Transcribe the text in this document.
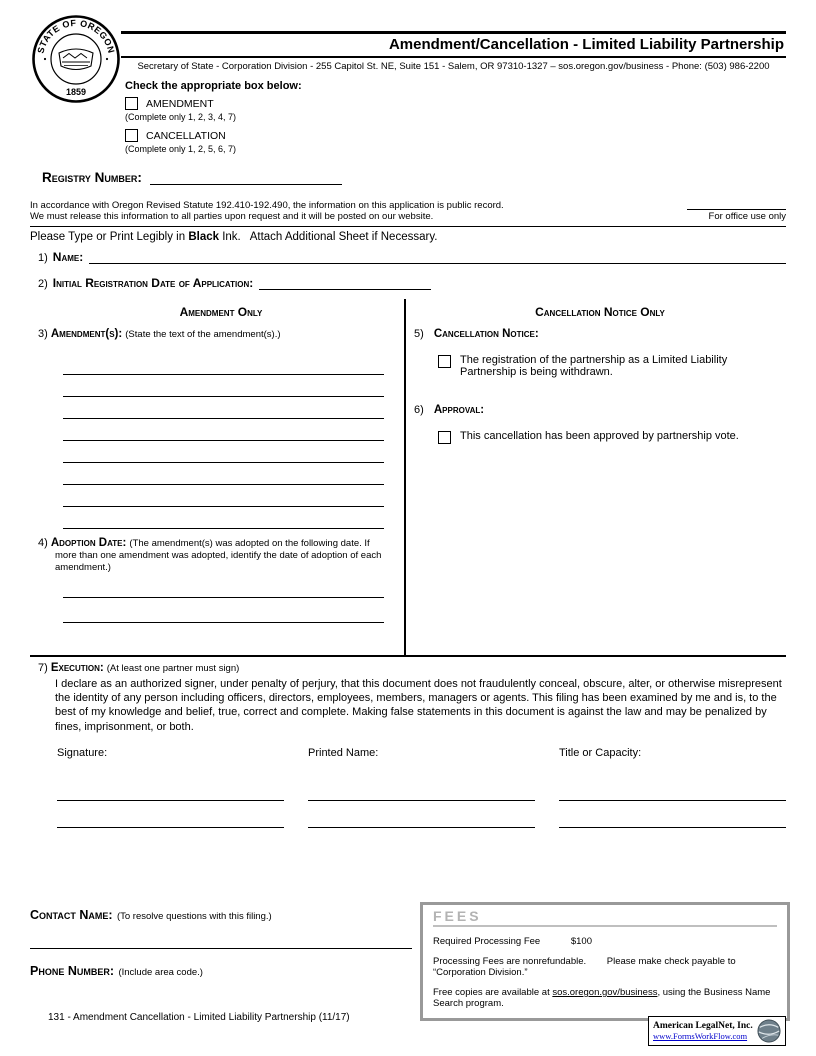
STATE OF OREGON
1859
Amendment/Cancellation - Limited Liability Partnership
Secretary of State - Corporation Division - 255 Capitol St. NE, Suite 151 - Salem, OR 97310-1327 – sos.oregon.gov/business - Phone: (503) 986-2200
Check the appropriate box below:
AMENDMENT
(Complete only 1, 2, 3, 4, 7)
CANCELLATION
(Complete only 1, 2, 5, 6, 7)
Registry Number:
In accordance with Oregon Revised Statute 192.410-192.490, the information on this application is public record.
We must release this information to all parties upon request and it will be posted on our website.	For office use only
Please Type or Print Legibly in Black Ink.   Attach Additional Sheet if Necessary.
1) Name:
2) Initial Registration Date of Application:
Amendment Only
3) Amendment(s): (State the text of the amendment(s).)
4) Adoption Date: (The amendment(s) was adopted on the following date. If more than one amendment was adopted, identify the date of adoption of each amendment.)
Cancellation Notice Only
5) Cancellation Notice:
The registration of the partnership as a Limited Liability Partnership is being withdrawn.
6) Approval:
This cancellation has been approved by partnership vote.
7) Execution: (At least one partner must sign)
I declare as an authorized signer, under penalty of perjury, that this document does not fraudulently conceal, obscure, alter, or otherwise misrepresent the identity of any person including officers, directors, employees, members, managers or agents. This filing has been examined by me and is, to the best of my knowledge and belief, true, correct and complete. Making false statements in this document is against the law and may be penalized by fines, imprisonment, or both.
Signature:	Printed Name:	Title or Capacity:
Contact Name: (To resolve questions with this filing.)
Phone Number: (Include area code.)
FEES
Required Processing Fee	$100
Processing Fees are nonrefundable. Please make check payable to “Corporation Division.”
Free copies are available at sos.oregon.gov/business, using the Business Name Search program.
131 - Amendment Cancellation - Limited Liability Partnership (11/17)
American LegalNet, Inc.
www.FormsWorkFlow.com
